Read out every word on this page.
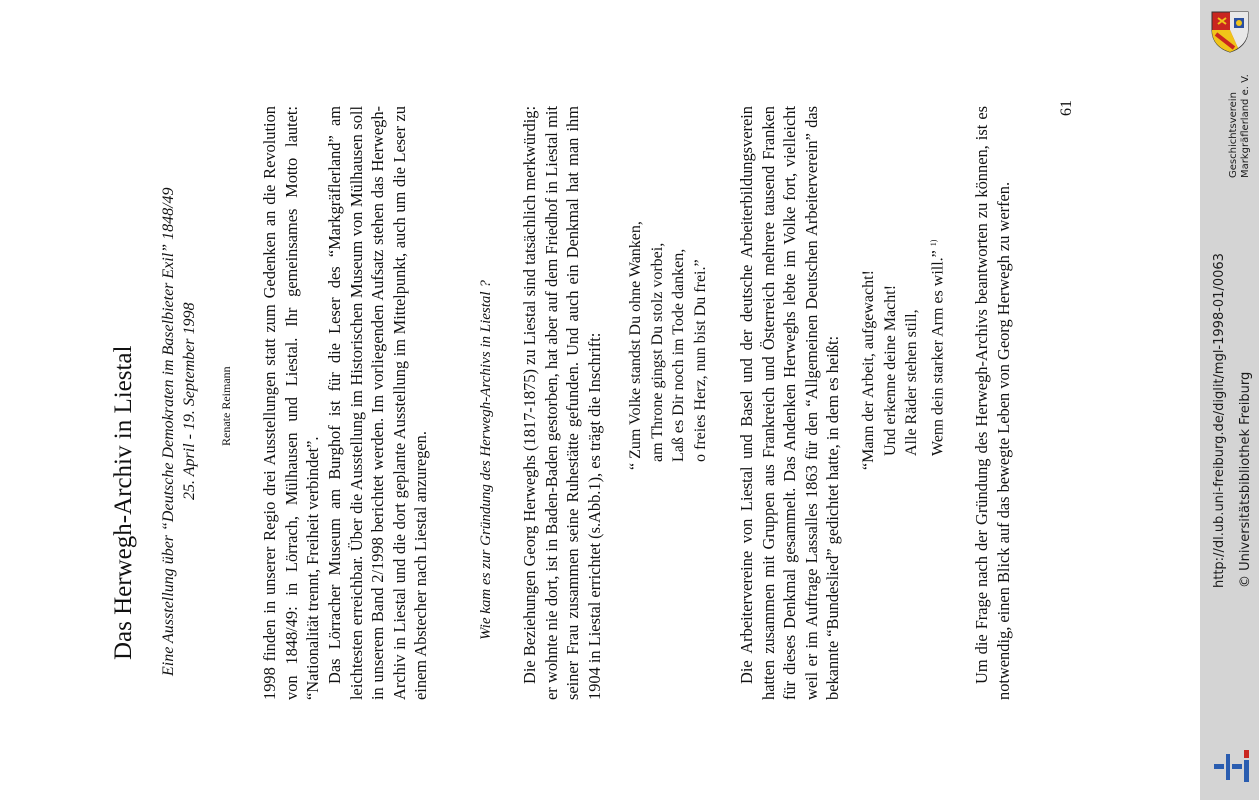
Das Herwegh-Archiv in Liestal Eine Ausstellung über “Deutsche Demokraten im Baselbieter Exil” 1848/49 25. April - 19. September 1998 Renate Reimann 1998 finden in unserer Regio drei Ausstellungen statt zum Gedenken an die Revolution von 1848/49: in Lörrach, Mülhausen und Liestal. Ihr gemeinsames Motto lautet: “Nationalität trennt, Freiheit verbindet”. Das Lörracher Museum am Burghof ist für die Leser des “Markgräflerland” am leichtesten erreichbar. Über die Ausstellung im Historischen Museum von Mülhausen soll in unserem Band 2/1998 berichtet werden. Im vorliegenden Aufsatz stehen das Herwegh-Archiv in Liestal und die dort geplante Ausstellung im Mittelpunkt, auch um die Leser zu einem Abstecher nach Liestal anzuregen.	Wie kam es zur Gründung des Herwegh-Archivs in Liestal ? Die Beziehungen Georg Herweghs (1817-1875) zu Liestal sind tatsächlich merkwürdig: er wohnte nie dort, ist in Baden-Baden gestorben, hat aber auf dem Friedhof in Liestal mit seiner Frau zusammen seine Ruhestätte gefunden. Und auch ein Denkmal hat man ihm 1904 in Liestal errichtet (s.Abb.1), es trägt die Inschrift: “ Zum Volke standst Du ohne Wanken, am Throne gingst Du stolz vorbei, Laß es Dir noch im Tode danken, o freies Herz, nun bist Du frei.” Die Arbeitervereine von Liestal und Basel und der deutsche Arbeiterbildungsverein hatten zusammen mit Gruppen aus Frankreich und Österreich mehrere tausend Franken für dieses Denkmal gesammelt. Das Andenken Herweghs lebte im Volke fort, vielleicht weil er im Auftrage Lassalles 1863 für den “Allgemeinen Deutschen Arbeiterverein” das bekannte “Bundeslied” gedichtet hatte, in dem es heißt: “Mann der Arbeit, aufgewacht! Und erkenne deine Macht! Alle Räder stehen still, Wenn dein starker Arm es will.” $^{1)}$	Um die Frage nach der Gründung des Herwegh-Archivs beantworten zu können, ist es notwendig, einen Blick auf das bewegte Leben von Georg Herwegh zu werfen.
61	Geschichtsverein Markgräflerland e. V.
http://dl.ub.uni-freiburg.de/diglit/mgl-1998-01/0063 © Universitätsbibliothek Freiburg
